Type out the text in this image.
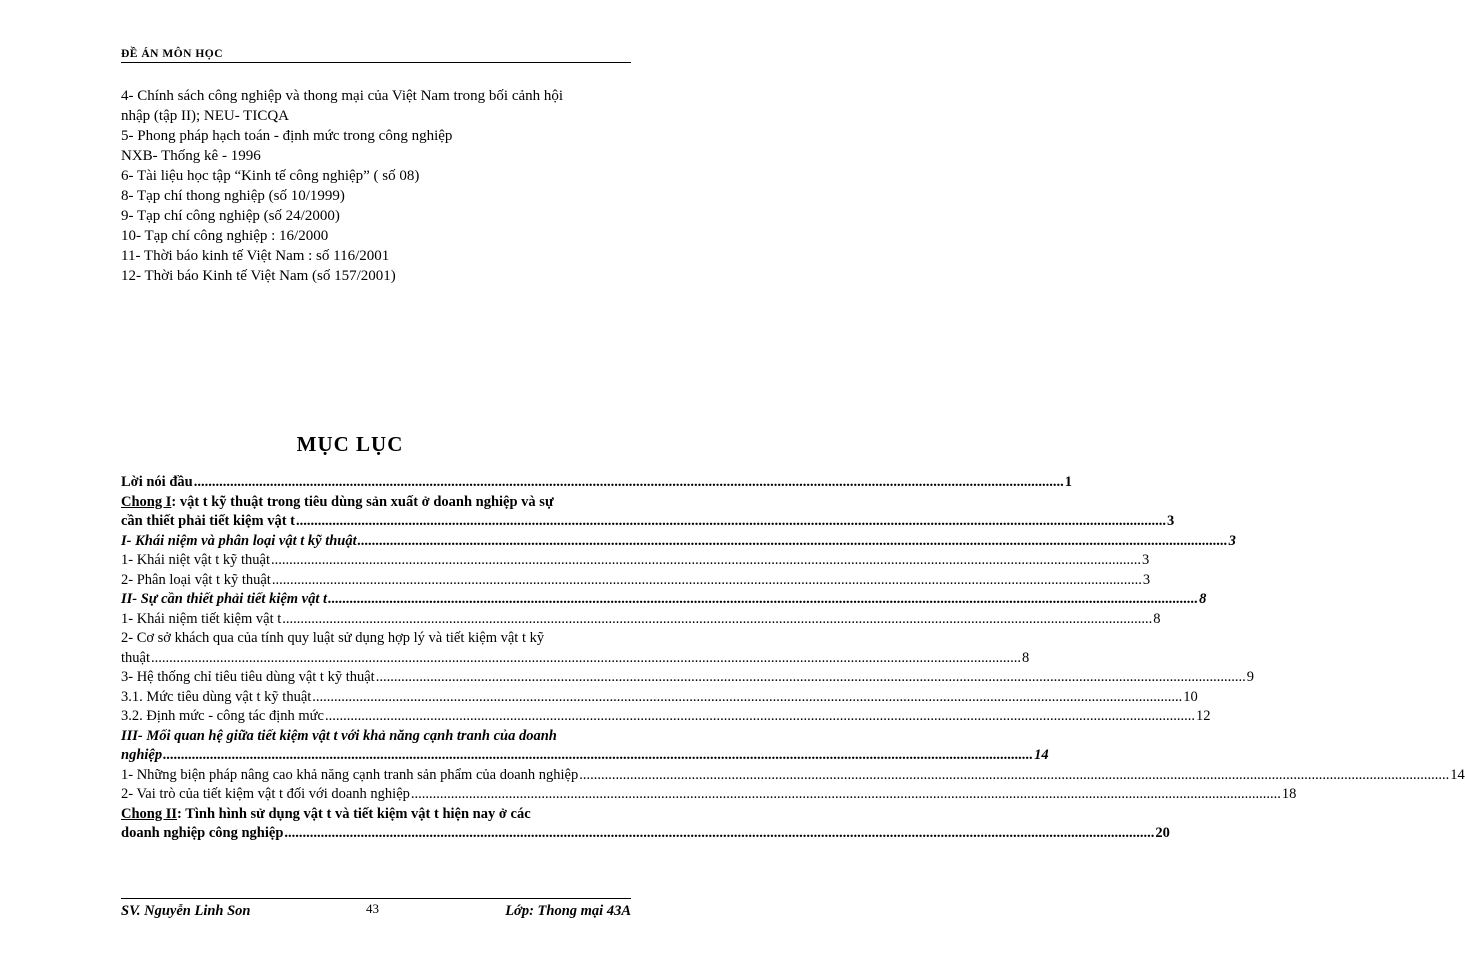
ĐỀ ÁN MÔN HỌC
4- Chính sách công nghiệp và thong mại của Việt Nam trong bối cảnh hội
nhập (tập II); NEU- TICQA
5- Phong pháp hạch toán - định mức trong công nghiệp
NXB- Thống kê - 1996
6- Tài liệu học tập “Kinh tế công nghiệp” ( số 08)
8- Tạp chí thong nghiệp (số 10/1999)
9- Tạp chí công nghiệp (số 24/2000)
10- Tạp chí công nghiệp : 16/2000
11- Thời báo kinh tế Việt Nam : số 116/2001
12- Thời báo Kinh tế Việt Nam (số 157/2001)
MỤC LỤC
Lời nói đầu .....	1
Chong I: vật t kỹ thuật trong tiêu dùng sản xuất ở doanh nghiệp và sự
cần thiết phải tiết kiệm vật t .....	3
I- Khái niệm và phân loại vật t kỹ thuật .....	3
1- Khái niệt vật t kỹ thuật .....	3
2- Phân loại vật t kỹ thuật .....	3
II- Sự cần thiết phải tiết kiệm vật t .....	8
1- Khái niệm tiết kiệm vật t .....	8
2- Cơ sở khách qua của tính quy luật sử dụng hợp lý và tiết kiệm vật t kỹ
thuật .....	8
3- Hệ thống chỉ tiêu tiêu dùng vật t kỹ thuật .....	9
3.1. Mức tiêu dùng vật t kỹ thuật .....	10
3.2. Định mức - công tác định mức .....	12
III- Mối quan hệ giữa tiết kiệm vật t với khả năng cạnh tranh của doanh
nghiệp .....	14
1- Những biện pháp nâng cao khả năng cạnh tranh sản phẩm của doanh nghiệp .....	14
2- Vai trò của tiết kiệm vật t đối với doanh nghiệp .....	18
Chong II: Tình hình sử dụng vật t và tiết kiệm vật t hiện nay ở các
doanh nghiệp công nghiệp .....	20
SV. Nguyễn Linh Son	43	Lớp: Thong mại 43A
